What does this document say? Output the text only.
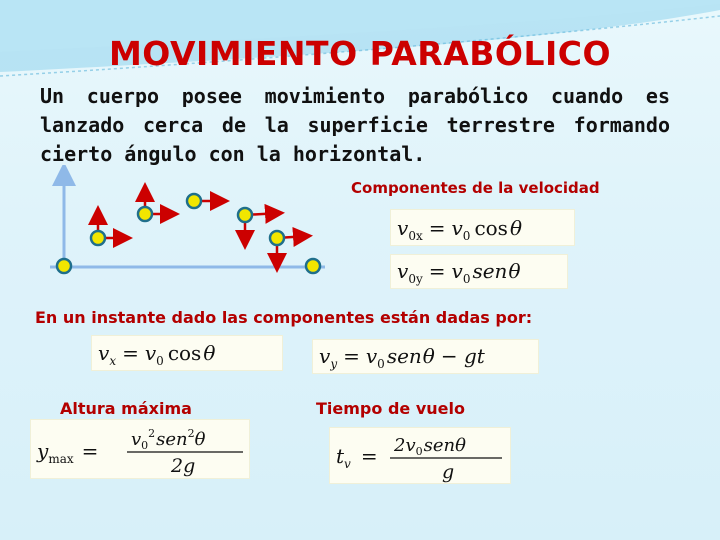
MOVIMIENTO PARABÓLICO
Un cuerpo posee movimiento parabólico cuando es lanzado cerca de la superficie terrestre formando cierto ángulo con la horizontal.
Componentes de la velocidad
$v_{0x} = v_0$ cos θ
$v_{0y} = v_0$ senθ
En un instante dado las componentes están dadas por:
$v_x = v_0$ cos θ	$v_y = v_0$ senθ − gt
Altura máxima	Tiempo de vuelo
$y_{max} = v_0^2sen^2\theta$
2g	$t_v = 2v_0sen\theta$
g
